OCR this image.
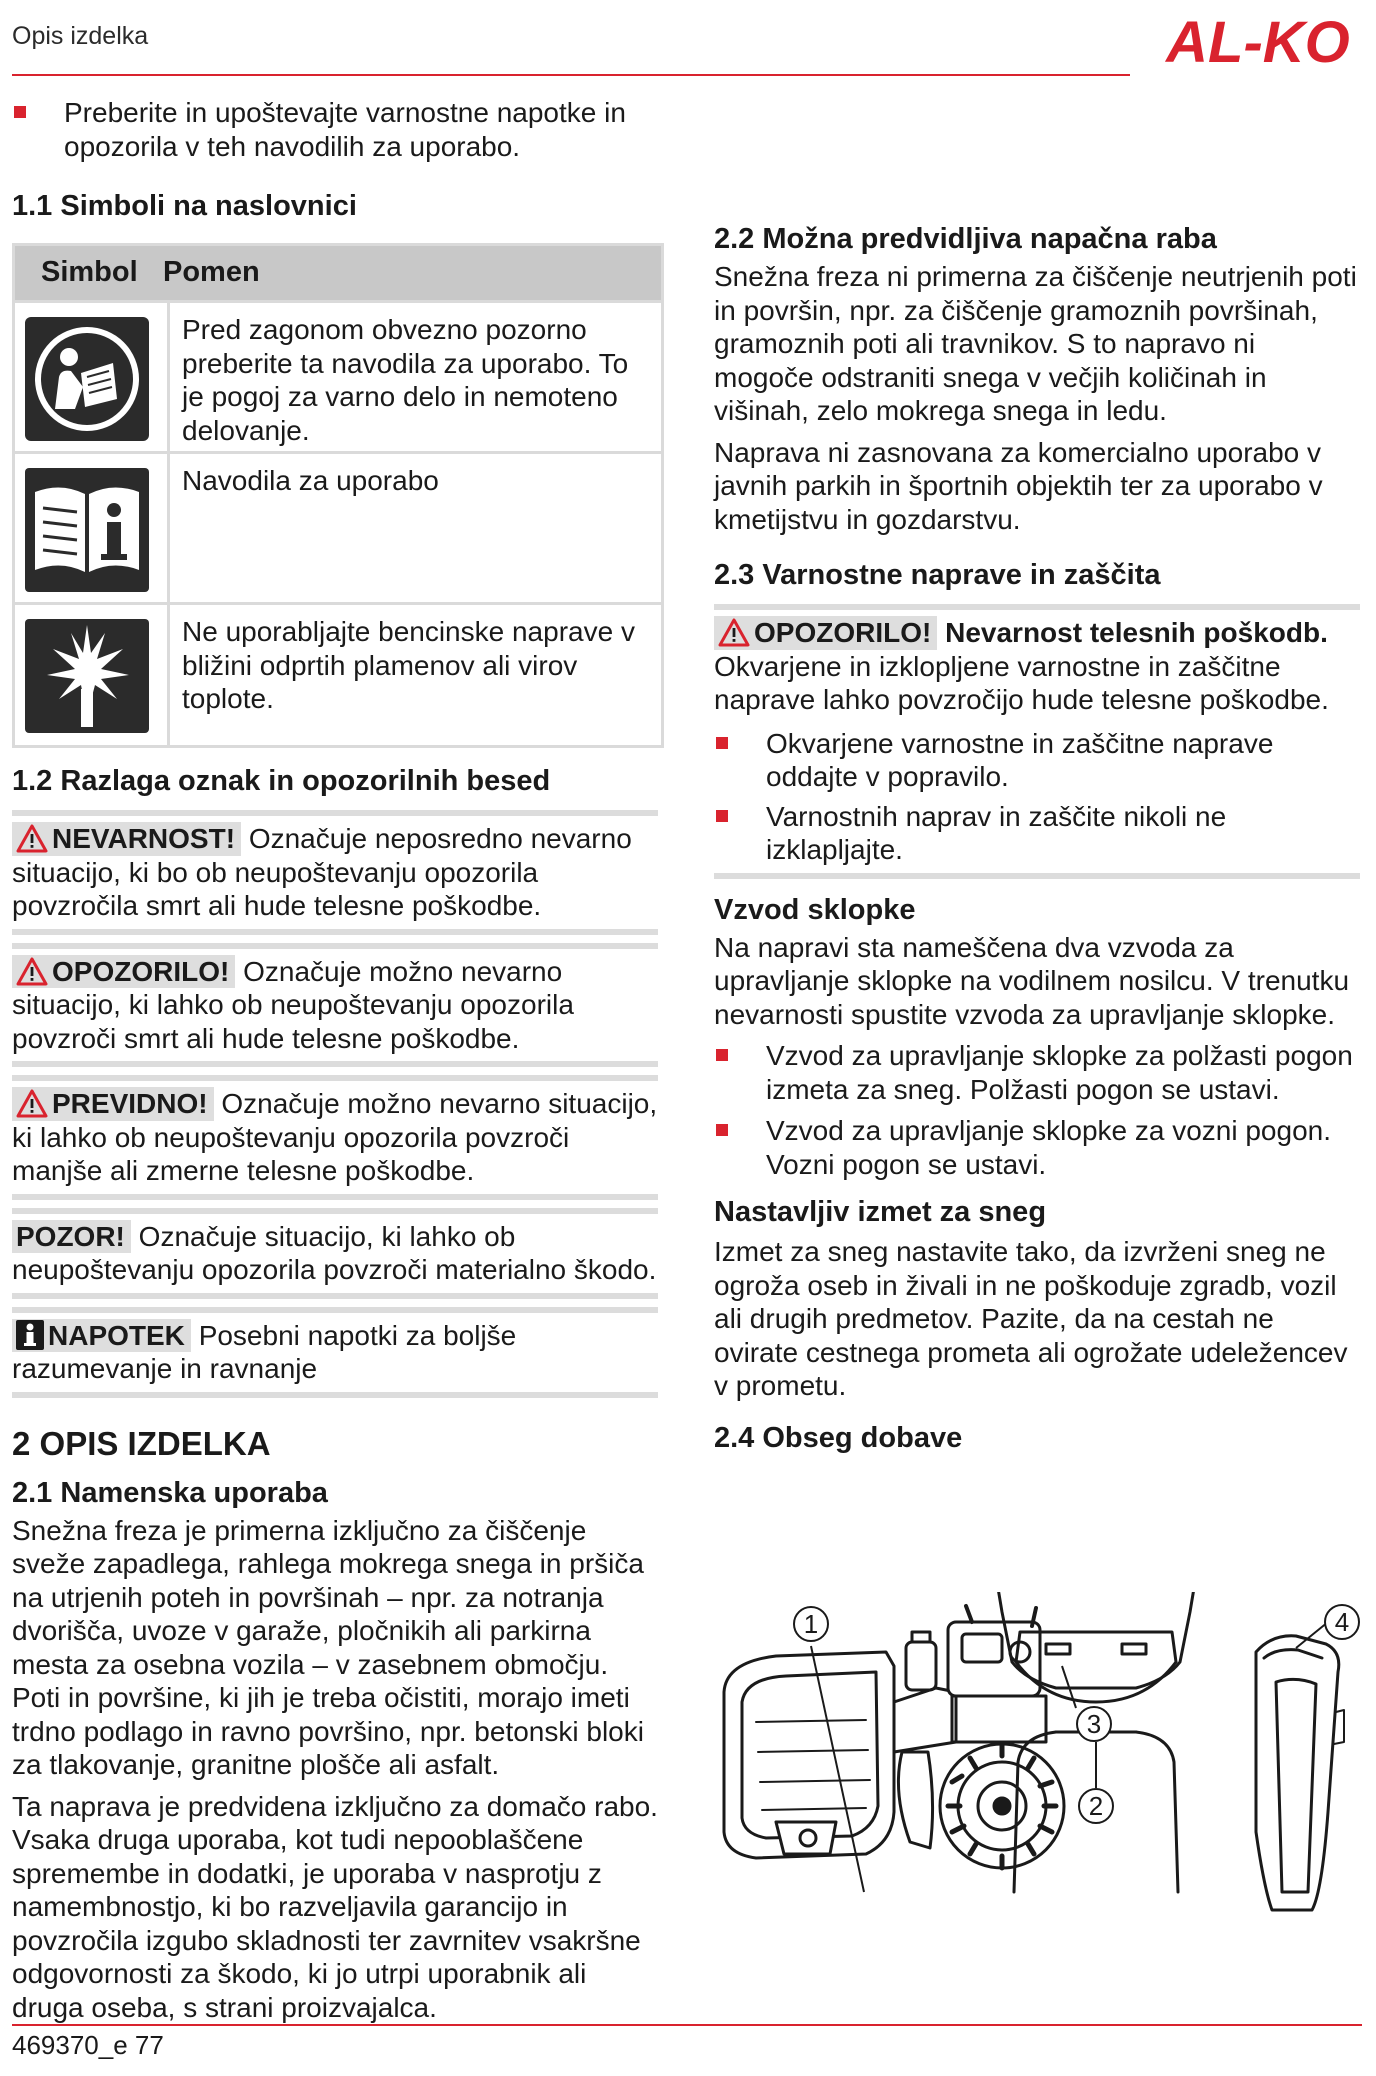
Opis izdelka	AL-KO
Preberite in upoštevajte varnostne napotke in opozorila v teh navodilih za uporabo.
1.1 Simboli na naslovnici
Simbol Pomen
Pred zagonom obvezno pozorno preberite ta navodila za uporabo. To je pogoj za varno delo in nemoteno delovanje.
Navodila za uporabo
Ne uporabljajte bencinske naprave v bližini odprtih plamenov ali virov toplote.
1.2 Razlaga oznak in opozorilnih besed

NEVARNOST! Označuje neposredno nevarno situacijo, ki bo ob neupoštevanju opozorila povzročila smrt ali hude telesne poškodbe.

OPOZORILO! Označuje možno nevarno situacijo, ki lahko ob neupoštevanju opozorila povzroči smrt ali hude telesne poškodbe.

PREVIDNO! Označuje možno nevarno situacijo, ki lahko ob neupoštevanju opozorila povzroči manjše ali zmerne telesne poškodbe.

POZOR! Označuje situacijo, ki lahko ob neupoštevanju opozorila povzroči materialno škodo.

NAPOTEK Posebni napotki za boljše razumevanje in ravnanje

2 OPIS IZDELKA
2.1 Namenska uporaba

Snežna freza je primerna izključno za čiščenje sveže zapadlega, rahlega mokrega snega in pršiča na utrjenih poteh in površinah – npr. za notranja dvorišča, uvoze v garaže, pločnikih ali parkirna mesta za osebna vozila – v zasebnem območju. Poti in površine, ki jih je treba očistiti, morajo imeti trdno podlago in ravno površino, npr. betonski bloki za tlakovanje, granitne plošče ali asfalt.

Ta naprava je predvidena izključno za domačo rabo. Vsaka druga uporaba, kot tudi nepooblaščene spremembe in dodatki, je uporaba v nasprotju z namembnostjo, ki bo razveljavila garancijo in povzročila izgubo skladnosti ter zavrnitev vsakršne odgovornosti za škodo, ki jo utrpi uporabnik ali druga oseba, s strani proizvajalca.

2.2 Možna predvidljiva napačna raba

Snežna freza ni primerna za čiščenje neutrjenih poti in površin, npr. za čiščenje gramoznih površinah, gramoznih poti ali travnikov. S to napravo ni mogoče odstraniti snega v večjih količinah in višinah, zelo mokrega snega in ledu.

Naprava ni zasnovana za komercialno uporabo v javnih parkih in športnih objektih ter za uporabo v kmetijstvu in gozdarstvu.

2.3 Varnostne naprave in zaščita

OPOZORILO! Nevarnost telesnih poškodb. Okvarjene in izklopljene varnostne in zaščitne naprave lahko povzročijo hude telesne poškodbe.

Okvarjene varnostne in zaščitne naprave oddajte v popravilo.
Varnostnih naprav in zaščite nikoli ne izklapljajte.
Vzvod sklopke

Na napravi sta nameščena dva vzvoda za upravljanje sklopke na vodilnem nosilcu. V trenutku nevarnosti spustite vzvoda za upravljanje sklopke.

Vzvod za upravljanje sklopke za polžasti pogon izmeta za sneg. Polžasti pogon se ustavi.
Vzvod za upravljanje sklopke za vozni pogon. Vozni pogon se ustavi.
Nastavljiv izmet za sneg

Izmet za sneg nastavite tako, da izvrženi sneg ne ogroža oseb in živali in ne poškoduje zgradb, vozil ali drugih predmetov. Pazite, da na cestah ne ovirate cestnega prometa ali ogrožate udeležencev v prometu.

2.4 Obseg dobave
1
2
3
4
469370_e 77
